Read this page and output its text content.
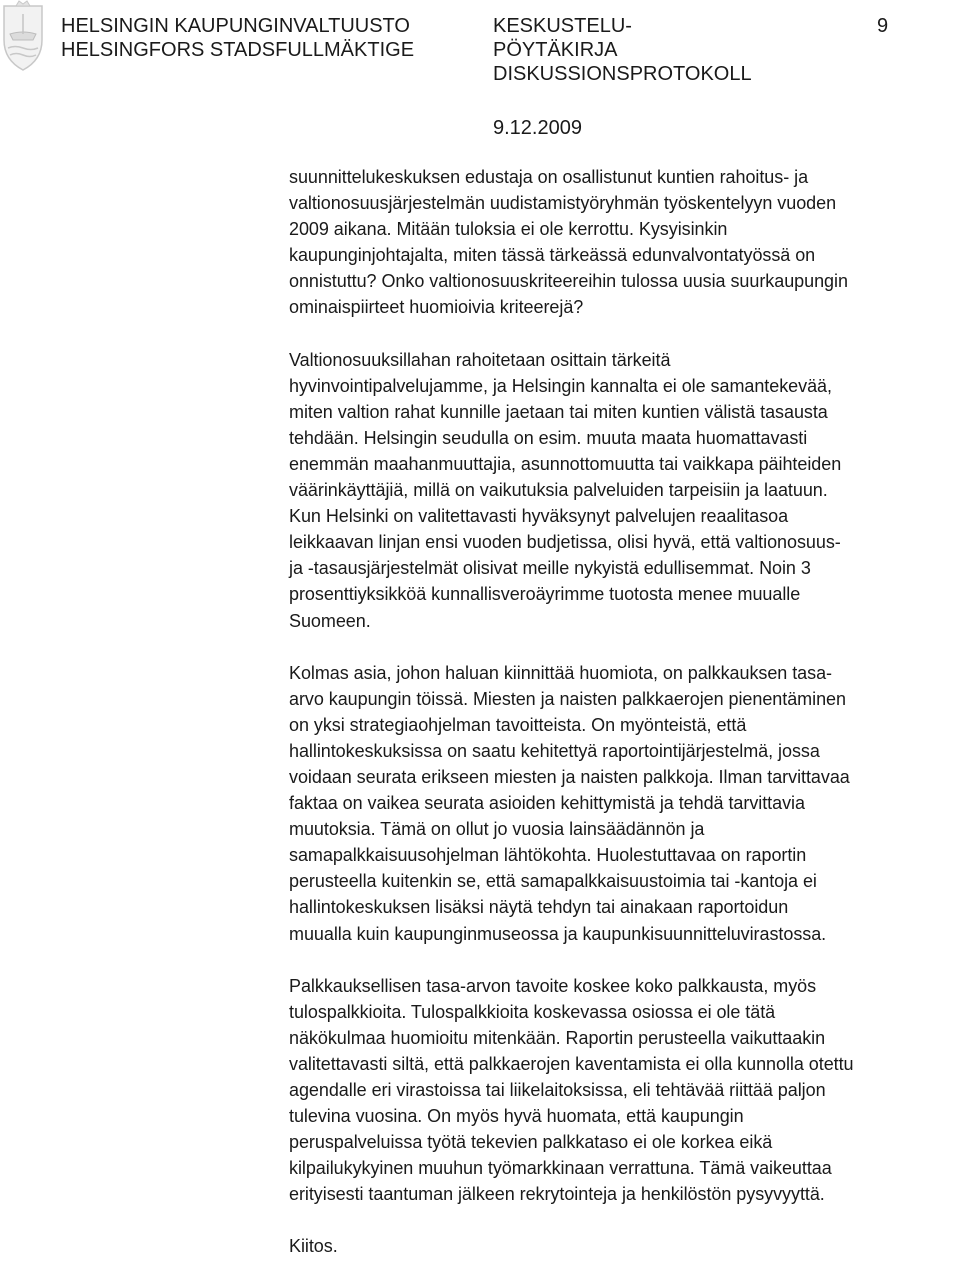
HELSINGIN KAUPUNGINVALTUUSTO
HELSINGFORS STADSFULLMÄKTIGE
KESKUSTELU-
PÖYTÄKIRJA
DISKUSSIONSPROTOKOLL
9
9.12.2009

suunnittelukeskuksen edustaja on osallistunut kuntien rahoitus- ja
valtionosuusjärjestelmän uudistamistyöryhmän työskentelyyn vuoden
2009 aikana. Mitään tuloksia ei ole kerrottu. Kysyisinkin
kaupunginjohtajalta, miten tässä tärkeässä edunvalvontatyössä on
onnistuttu? Onko valtionosuuskriteereihin tulossa uusia suurkaupungin
ominaispiirteet huomioivia kriteerejä?

Valtionosuuksillahan rahoitetaan osittain tärkeitä
hyvinvointipalvelujamme, ja Helsingin kannalta ei ole samantekevää,
miten valtion rahat kunnille jaetaan tai miten kuntien välistä tasausta
tehdään. Helsingin seudulla on esim. muuta maata huomattavasti
enemmän maahanmuuttajia, asunnottomuutta tai vaikkapa päihteiden
väärinkäyttäjiä, millä on vaikutuksia palveluiden tarpeisiin ja laatuun.
Kun Helsinki on valitettavasti hyväksynyt palvelujen reaalitasoa
leikkaavan linjan ensi vuoden budjetissa, olisi hyvä, että valtionosuus-
ja -tasausjärjestelmät olisivat meille nykyistä edullisemmat. Noin 3
prosenttiyksikköä kunnallisveroäyrimme tuotosta menee muualle
Suomeen.

Kolmas asia, johon haluan kiinnittää huomiota, on palkkauksen tasa-
arvo kaupungin töissä. Miesten ja naisten palkkaerojen pienentäminen
on yksi strategiaohjelman tavoitteista. On myönteistä, että
hallintokeskuksissa on saatu kehitettyä raportointijärjestelmä, jossa
voidaan seurata erikseen miesten ja naisten palkkoja. Ilman tarvittavaa
faktaa on vaikea seurata asioiden kehittymistä ja tehdä tarvittavia
muutoksia. Tämä on ollut jo vuosia lainsäädännön ja
samapalkkaisuusohjelman lähtökohta. Huolestuttavaa on raportin
perusteella kuitenkin se, että samapalkkaisuustoimia tai -kantoja ei
hallintokeskuksen lisäksi näytä tehdyn tai ainakaan raportoidun
muualla kuin kaupunginmuseossa ja kaupunkisuunnitteluvirastossa.

Palkkauksellisen tasa-arvon tavoite koskee koko palkkausta, myös
tulospalkkioita. Tulospalkkioita koskevassa osiossa ei ole tätä
näkökulmaa huomioitu mitenkään. Raportin perusteella vaikuttaakin
valitettavasti siltä, että palkkaerojen kaventamista ei olla kunnolla otettu
agendalle eri virastoissa tai liikelaitoksissa, eli tehtävää riittää paljon
tulevina vuosina. On myös hyvä huomata, että kaupungin
peruspalveluissa työtä tekevien palkkataso ei ole korkea eikä
kilpailukykyinen muuhun työmarkkinaan verrattuna. Tämä vaikeuttaa
erityisesti taantuman jälkeen rekrytointeja ja henkilöstön pysyvyyttä.

Kiitos.
